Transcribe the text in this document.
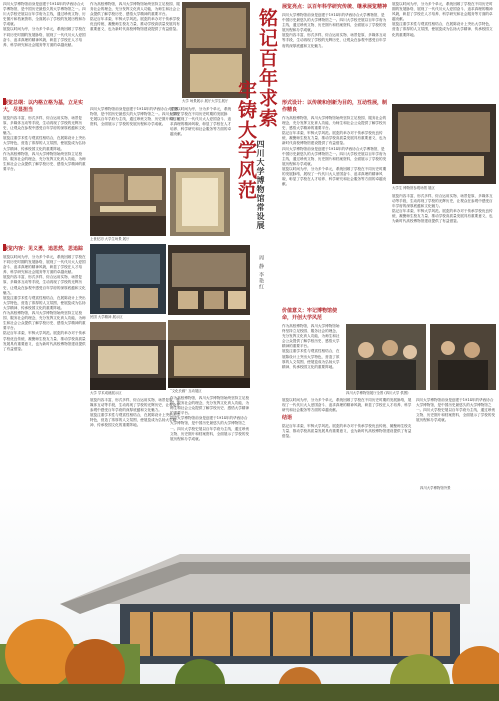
四川大学博物馆前身是创建于1914年的华西协合大学博物馆，是中国历史最悠久的大学博物馆之一。四川大学校史展以百年学府为主线，通过珍贵文物、历史图片和档案资料，全面展示了学校的发展历程和办学成就。
展览以时间为序，分为多个单元，系统回顾了学校在不同历史时期的发展脉络，展现了一代代川大人爱国奋斗、追求真理的精神风貌，彰显了学校在人才培养、科学研究和社会服务等方面的卓越贡献。
展览总纲：以内格立格为基，立足实大，尽显担当
展览内容丰富，形式多样，综合运用实物、场景复原、多媒体互动等手段，生动再现了学校的光辉历史，让观众在参观中感受百年学府的深厚底蕴和文化魅力。
展览注重学术性与观赏性相结合，在展陈设计上突出大学特色，营造了浓厚的人文氛围，使展览成为弘扬大学精神、传承校园文化的重要阵地。
作为高校博物馆，四川大学博物馆始终坚持立足校园、服务社会的理念，充分发挥文化育人功能，为师生和社会公众提供了解学校历史、感悟大学精神的重要平台。
展览内容：见义勇，追思然，思追踪
展览以时间为序，分为多个单元，系统回顾了学校在不同历史时期的发展脉络，展现了一代代川大人爱国奋斗、追求真理的精神风貌，彰显了学校在人才培养、科学研究和社会服务等方面的卓越贡献。
展览内容丰富，形式多样，综合运用实物、场景复原、多媒体互动等手段，生动再现了学校的光辉历史，让观众在参观中感受百年学府的深厚底蕴和文化魅力。
展览注重学术性与观赏性相结合，在展陈设计上突出大学特色，营造了浓厚的人文氛围，使展览成为弘扬大学精神、传承校园文化的重要阵地。
作为高校博物馆，四川大学博物馆始终坚持立足校园、服务社会的理念，充分发挥文化育人功能，为师生和社会公众提供了解学校历史、感悟大学精神的重要平台。
铭记百年求索，牢铸大学风范。展览的举办对于传承学校优良传统、凝聚师生校友力量、推动学校高质量发展具有重要意义，也为新时代高校博物馆建设提供了有益借鉴。
作为高校博物馆，四川大学博物馆始终坚持立足校园、服务社会的理念，充分发挥文化育人功能，为师生和社会公众提供了解学校历史、感悟大学精神的重要平台。
铭记百年求索，牢铸大学风范。展览的举办对于传承学校优良传统、凝聚师生校友力量、推动学校高质量发展具有重要意义，也为新时代高校博物馆建设提供了有益借鉴。
四川大学博物馆前身是创建于1914年的华西协合大学博物馆，是中国历史最悠久的大学博物馆之一。四川大学校史展以百年学府为主线，通过珍贵文物、历史图片和档案资料，全面展示了学校的发展历程和办学成就。
上世纪初 大学生场景 展厅
民国 大学精神 展示区
大学 学术成就展示区
展览内容丰富，形式多样，综合运用实物、场景复原、多媒体互动等手段，生动再现了学校的光辉历史，让观众在参观中感受百年学府的深厚底蕴和文化魅力。
展览注重学术性与观赏性相结合，在展陈设计上突出大学特色，营造了浓厚的人文氛围，使展览成为弘扬大学精神、传承校园文化的重要阵地。
展览以时间为序，分为多个单元，系统回顾了学校在不同历史时期的发展脉络，展现了一代代川大人爱国奋斗、追求真理的精神风貌，彰显了学校在人才培养、科学研究和社会服务等方面的卓越贡献。
“文化长廊” 互动展区
作为高校博物馆，四川大学博物馆始终坚持立足校园、服务社会的理念，充分发挥文化育人功能，为师生和社会公众提供了解学校历史、感悟大学精神的重要平台。
四川大学博物馆前身是创建于1914年的华西协合大学博物馆，是中国历史最悠久的大学博物馆之一。四川大学校史展以百年学府为主线，通过珍贵文物、历史图片和档案资料，全面展示了学校的发展历程和办学成就。
大学 场景展示 展厅大学生展厅 铭记百年求索
牢铸大学风范 四川大学博物馆常设展
周 静 李艳红
展览亮点：以百年科学研究传统、继承展览精神
四川大学博物馆前身是创建于1914年的华西协合大学博物馆，是中国历史最悠久的大学博物馆之一。四川大学校史展以百年学府为主线，通过珍贵文物、历史图片和档案资料，全面展示了学校的发展历程和办学成就。
展览内容丰富，形式多样，综合运用实物、场景复原、多媒体互动等手段，生动再现了学校的光辉历史，让观众在参观中感受百年学府的深厚底蕴和文化魅力。
展览以时间为序，分为多个单元，系统回顾了学校在不同历史时期的发展脉络，展现了一代代川大人爱国奋斗、追求真理的精神风貌，彰显了学校在人才培养、科学研究和社会服务等方面的卓越贡献。
展览注重学术性与观赏性相结合，在展陈设计上突出大学特色，营造了浓厚的人文氛围，使展览成为弘扬大学精神、传承校园文化的重要阵地。
形式设计：以传统和创新为目的，互动性展，制作精良
作为高校博物馆，四川大学博物馆始终坚持立足校园、服务社会的理念，充分发挥文化育人功能，为师生和社会公众提供了解学校历史、感悟大学精神的重要平台。
铭记百年求索，牢铸大学风范。展览的举办对于传承学校优良传统、凝聚师生校友力量、推动学校高质量发展具有重要意义，也为新时代高校博物馆建设提供了有益借鉴。
四川大学博物馆前身是创建于1914年的华西协合大学博物馆，是中国历史最悠久的大学博物馆之一。四川大学校史展以百年学府为主线，通过珍贵文物、历史图片和档案资料，全面展示了学校的发展历程和办学成就。
展览以时间为序，分为多个单元，系统回顾了学校在不同历史时期的发展脉络，展现了一代代川大人爱国奋斗、追求真理的精神风貌，彰显了学校在人才培养、科学研究和社会服务等方面的卓越贡献。
大学生 博物馆参观场景 展区
展览内容丰富，形式多样，综合运用实物、场景复原、多媒体互动等手段，生动再现了学校的光辉历史，让观众在参观中感受百年学府的深厚底蕴和文化魅力。
铭记百年求索，牢铸大学风范。展览的举办对于传承学校优良传统、凝聚师生校友力量、推动学校高质量发展具有重要意义，也为新时代高校博物馆建设提供了有益借鉴。
价值意义：牢记博物馆使命，开创大学风范
作为高校博物馆，四川大学博物馆始终坚持立足校园、服务社会的理念，充分发挥文化育人功能，为师生和社会公众提供了解学校历史、感悟大学精神的重要平台。
展览注重学术性与观赏性相结合，在展陈设计上突出大学特色，营造了浓厚的人文氛围，使展览成为弘扬大学精神、传承校园文化的重要阵地。
四川大学博物馆展厅全景 (四川大学 供图)
展览以时间为序，分为多个单元，系统回顾了学校在不同历史时期的发展脉络，展现了一代代川大人爱国奋斗、追求真理的精神风貌，彰显了学校在人才培养、科学研究和社会服务等方面的卓越贡献。
结语
铭记百年求索，牢铸大学风范。展览的举办对于传承学校优良传统、凝聚师生校友力量、推动学校高质量发展具有重要意义，也为新时代高校博物馆建设提供了有益借鉴。
四川大学博物馆前身是创建于1914年的华西协合大学博物馆，是中国历史最悠久的大学博物馆之一。四川大学校史展以百年学府为主线，通过珍贵文物、历史图片和档案资料，全面展示了学校的发展历程和办学成就。
四川大学博物馆外景
